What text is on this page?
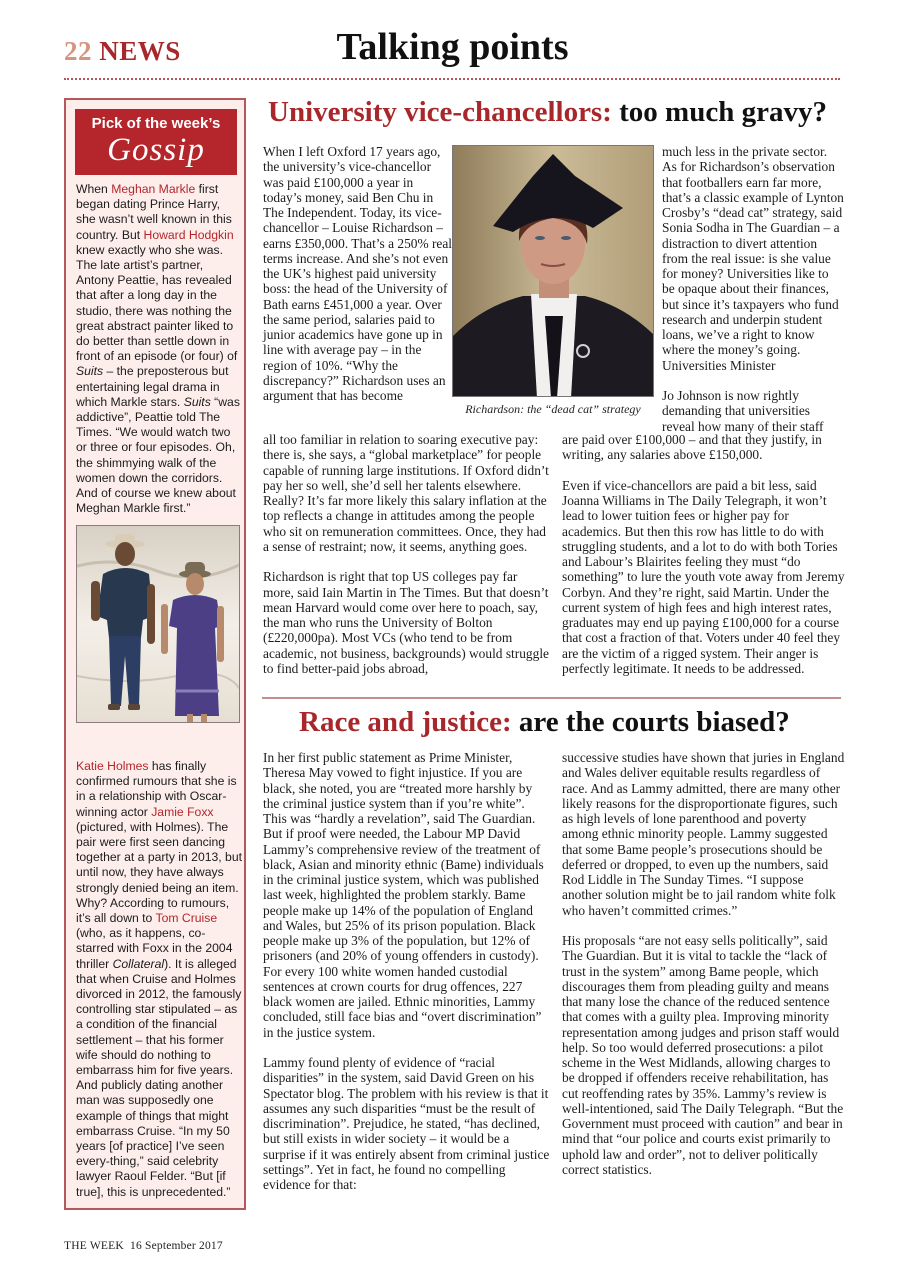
22 NEWS	Talking points
Pick of the week’s
Gossip
When Meghan Markle first began dating Prince Harry, she wasn’t well known in this country. But Howard Hodgkin knew exactly who she was. The late artist’s partner, Antony Peattie, has revealed that after a long day in the studio, there was nothing the great abstract painter liked to do better than settle down in front of an episode (or four) of Suits – the preposterous but entertaining legal drama in which Markle stars. Suits “was addictive”, Peattie told The Times. “We would watch two or three or four episodes. Oh, the shimmying walk of the women down the corridors. And of course we knew about Meghan Markle first.”
Katie Holmes has finally confirmed rumours that she is in a relationship with Oscar-winning actor Jamie Foxx (pictured, with Holmes). The pair were first seen dancing together at a party in 2013, but until now, they have always strongly denied being an item. Why? According to rumours, it’s all down to Tom Cruise (who, as it happens, co-starred with Foxx in the 2004 thriller Collateral). It is alleged that when Cruise and Holmes divorced in 2012, the famously controlling star stipulated – as a condition of the financial settlement – that his former wife should do nothing to embarrass him for five years. And publicly dating another man was supposedly one example of things that might embarrass Cruise. “In my 50 years [of practice] I’ve seen every-thing,” said celebrity lawyer Raoul Felder. “But [if true], this is unprecedented.”
University vice-chancellors: too much gravy?

When I left Oxford 17 years ago, the university’s vice-chancellor was paid £100,000 a year in today’s money, said Ben Chu in The Independent. Today, its vice-chancellor – Louise Richardson – earns £350,000. That’s a 250% real terms increase. And she’s not even the UK’s highest paid university boss: the head of the University of Bath earns £451,000 a year. Over the same period, salaries paid to junior academics have gone up in line with average pay – in the region of 10%. “Why the discrepancy?” Richardson uses an argument that has become

Richardson: the “dead cat” strategy

much less in the private sector. As for Richardson’s observation that footballers earn far more, that’s a classic example of Lynton Crosby’s “dead cat” strategy, said Sonia Sodha in The Guardian – a distraction to divert attention from the real issue: is she value for money? Universities like to be opaque about their finances, but since it’s taxpayers who fund research and underpin student loans, we’ve a right to know where the money’s going. Universities Minister

Jo Johnson is now rightly demanding that universities reveal how many of their staff

all too familiar in relation to soaring executive pay: there is, she says, a “global marketplace” for people capable of running large institutions. If Oxford didn’t pay her so well, she’d sell her talents elsewhere. Really? It’s far more likely this salary inflation at the top reflects a change in attitudes among the people who sit on remuneration committees. Once, they had a sense of restraint; now, it seems, anything goes.

Richardson is right that top US colleges pay far more, said Iain Martin in The Times. But that doesn’t mean Harvard would come over here to poach, say, the man who runs the University of Bolton (£220,000pa). Most VCs (who tend to be from academic, not business, backgrounds) would struggle to find better-paid jobs abroad,

are paid over £100,000 – and that they justify, in writing, any salaries above £150,000.

Even if vice-chancellors are paid a bit less, said Joanna Williams in The Daily Telegraph, it won’t lead to lower tuition fees or higher pay for academics. But then this row has little to do with struggling students, and a lot to do with both Tories and Labour’s Blairites feeling they must “do something” to lure the youth vote away from Jeremy Corbyn. And they’re right, said Martin. Under the current system of high fees and high interest rates, graduates may end up paying £100,000 for a course that cost a fraction of that. Voters under 40 feel they are the victim of a rigged system. Their anger is perfectly legitimate. It needs to be addressed.

Race and justice: are the courts biased?

In her first public statement as Prime Minister, Theresa May vowed to fight injustice. If you are black, she noted, you are “treated more harshly by the criminal justice system than if you’re white”. This was “hardly a revelation”, said The Guardian. But if proof were needed, the Labour MP David Lammy’s comprehensive review of the treatment of black, Asian and minority ethnic (Bame) individuals in the criminal justice system, which was published last week, highlighted the problem starkly. Bame people make up 14% of the population of England and Wales, but 25% of its prison population. Black people make up 3% of the population, but 12% of prisoners (and 20% of young offenders in custody). For every 100 white women handed custodial sentences at crown courts for drug offences, 227 black women are jailed. Ethnic minorities, Lammy concluded, still face bias and “overt discrimination” in the justice system.

Lammy found plenty of evidence of “racial disparities” in the system, said David Green on his Spectator blog. The problem with his review is that it assumes any such disparities “must be the result of discrimination”. Prejudice, he stated, “has declined, but still exists in wider society – it would be a surprise if it was entirely absent from criminal justice settings”. Yet in fact, he found no compelling evidence for that:

successive studies have shown that juries in England and Wales deliver equitable results regardless of race. And as Lammy admitted, there are many other likely reasons for the disproportionate figures, such as high levels of lone parenthood and poverty among ethnic minority people. Lammy suggested that some Bame people’s prosecutions should be deferred or dropped, to even up the numbers, said Rod Liddle in The Sunday Times. “I suppose another solution might be to jail random white folk who haven’t committed crimes.”

His proposals “are not easy sells politically”, said The Guardian. But it is vital to tackle the “lack of trust in the system” among Bame people, which discourages them from pleading guilty and means that many lose the chance of the reduced sentence that comes with a guilty plea. Improving minority representation among judges and prison staff would help. So too would deferred prosecutions: a pilot scheme in the West Midlands, allowing charges to be dropped if offenders receive rehabilitation, has cut reoffending rates by 35%. Lammy’s review is well-intentioned, said The Daily Telegraph. “But the Government must proceed with caution” and bear in mind that “our police and courts exist primarily to uphold law and order”, not to deliver politically correct statistics.

THE WEEK 16 September 2017
